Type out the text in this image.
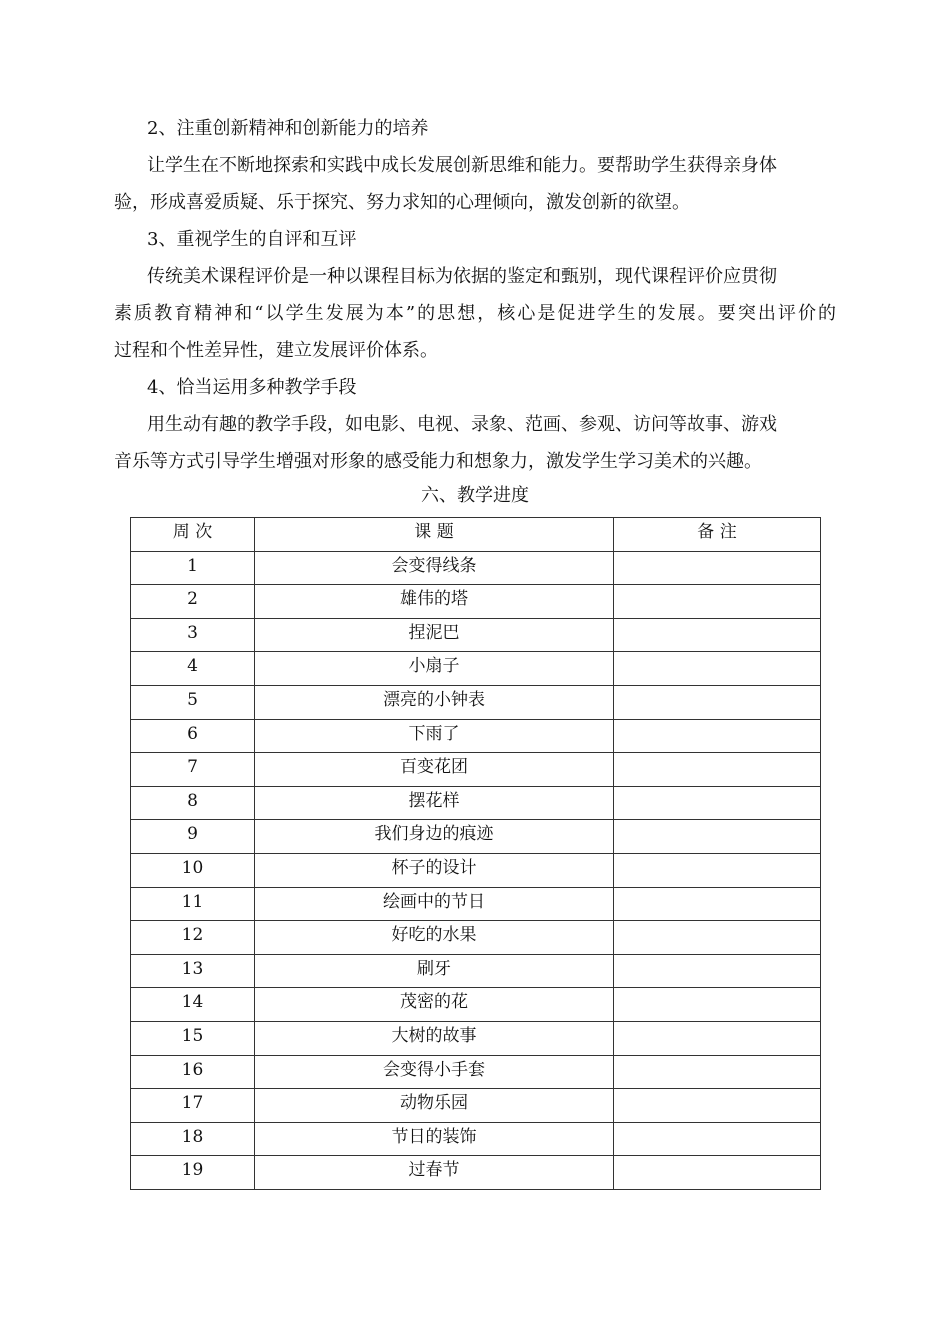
2、注重创新精神和创新能力的培养
让学生在不断地探索和实践中成长发展创新思维和能力。要帮助学生获得亲身体
验，形成喜爱质疑、乐于探究、努力求知的心理倾向，激发创新的欲望。
3、重视学生的自评和互评
传统美术课程评价是一种以课程目标为依据的鉴定和甄别，现代课程评价应贯彻
素质教育精神和“以学生发展为本”的思想，核心是促进学生的发展。要突出评价的
过程和个性差异性，建立发展评价体系。
4、恰当运用多种教学手段
用生动有趣的教学手段，如电影、电视、录象、范画、参观、访问等故事、游戏
音乐等方式引导学生增强对形象的感受能力和想象力，激发学生学习美术的兴趣。
六、教学进度
周 次	课 题	备 注
1	会变得线条	
2	雄伟的塔	
3	捏泥巴	
4	小扇子	
5	漂亮的小钟表	
6	下雨了	
7	百变花团	
8	摆花样	
9	我们身边的痕迹	
10	杯子的设计	
11	绘画中的节日	
12	好吃的水果	
13	刷牙	
14	茂密的花	
15	大树的故事	
16	会变得小手套	
17	动物乐园	
18	节日的装饰	
19	过春节	
